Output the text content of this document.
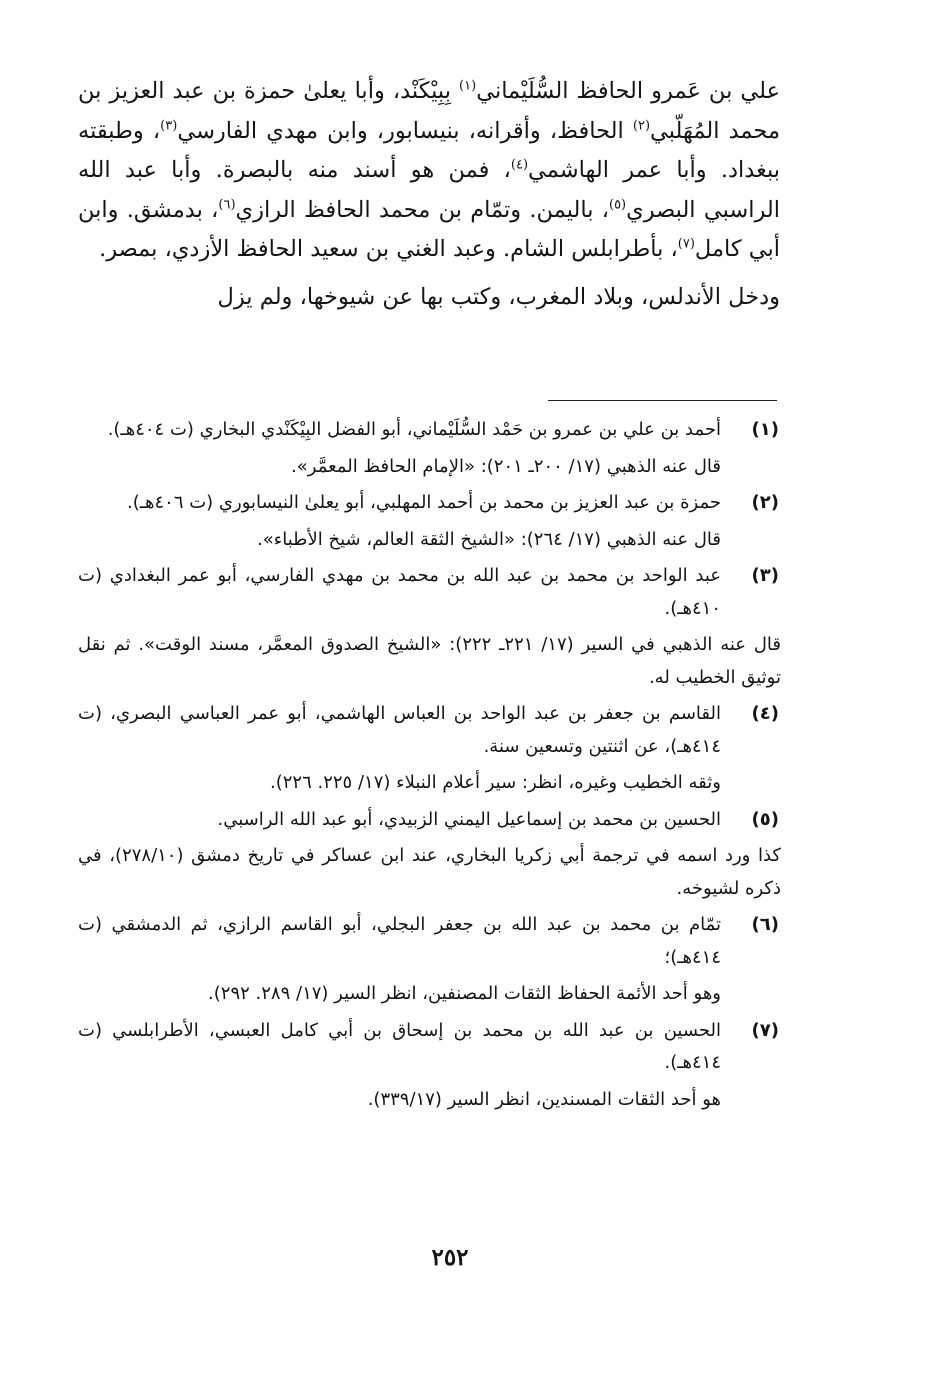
علي بن عَمرو الحافظ السُّلَيْماني$^{(١)}$ بِبِيْكَنْد، وأبا يعلىٰ حمزة بن عبد العزيز بن محمد المُهَلّبي$^{(٢)}$ الحافظ، وأقرانه، بنيسابور، وابن مهدي الفارسي$^{(٣)}$، وطبقته ببغداد. وأبا عمر الهاشمي$^{(٤)}$، فمن هو أسند منه بالبصرة. وأبا عبد الله الراسبي البصري$^{(٥)}$، باليمن. وتمّام بن محمد الحافظ الرازي$^{(٦)}$، بدمشق. وابن أبي كامل$^{(٧)}$، بأطرابلس الشام. وعبد الغني بن سعيد الحافظ الأزدي، بمصر.

ودخل الأندلس، وبلاد المغرب، وكتب بها عن شيوخها، ولم يزل

(١)
أحمد بن علي بن عمرو بن حَمْد السُّلَيْماني، أبو الفضل البِيْكَنْدي البخاري (ت ٤٠٤هـ).
قال عنه الذهبي (١٧/ ٢٠٠ـ ٢٠١): «الإمام الحافظ المعمَّر».
(٢)
حمزة بن عبد العزيز بن محمد بن أحمد المهلبي، أبو يعلىٰ النيسابوري (ت ٤٠٦هـ).
قال عنه الذهبي (١٧/ ٢٦٤): «الشيخ الثقة العالم، شيخ الأطباء».
(٣)
عبد الواحد بن محمد بن عبد الله بن محمد بن مهدي الفارسي، أبو عمر البغدادي (ت ٤١٠هـ).
قال عنه الذهبي في السير (١٧/ ٢٢١ـ ٢٢٢): «الشيخ الصدوق المعمَّر، مسند الوقت». ثم نقل توثيق الخطيب له.
(٤)
القاسم بن جعفر بن عبد الواحد بن العباس الهاشمي، أبو عمر العباسي البصري، (ت ٤١٤هـ)، عن اثنتين وتسعين سنة.
وثقه الخطيب وغيره، انظر: سير أعلام النبلاء (١٧/ ٢٢٥. ٢٢٦).
(٥)
الحسين بن محمد بن إسماعيل اليمني الزبيدي، أبو عبد الله الراسبي.
كذا ورد اسمه في ترجمة أبي زكريا البخاري، عند ابن عساكر في تاريخ دمشق (٢٧٨/١٠)، في ذكره لشيوخه.
(٦)
تمّام بن محمد بن عبد الله بن جعفر البجلي، أبو القاسم الرازي، ثم الدمشقي (ت ٤١٤هـ)؛
وهو أحد الأئمة الحفاظ الثقات المصنفين، انظر السير (١٧/ ٢٨٩. ٢٩٢).
(٧)
الحسين بن عبد الله بن محمد بن إسحاق بن أبي كامل العبسي، الأطرابلسي (ت ٤١٤هـ).
هو أحد الثقات المسندين، انظر السير (٣٣٩/١٧).
٢٥٢
